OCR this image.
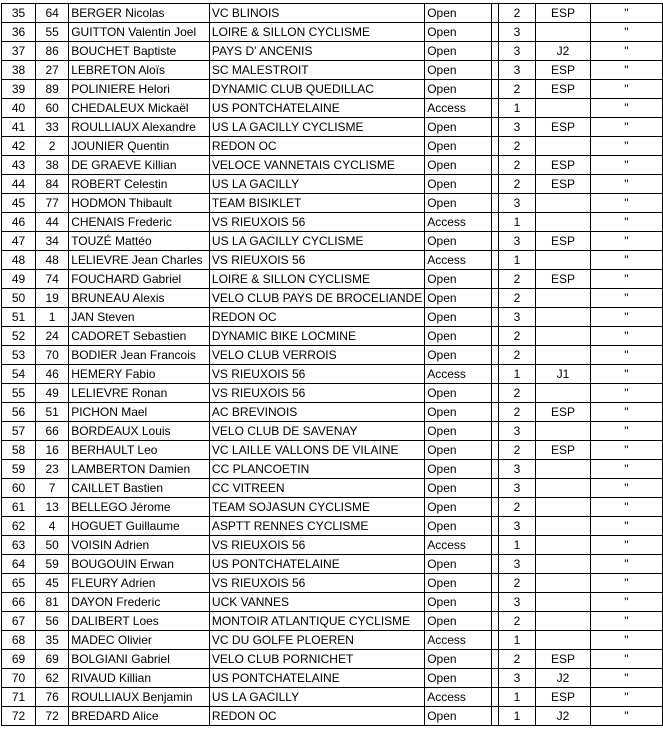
35	64	BERGER Nicolas	VC BLINOIS	Open		2	ESP	"
36	55	GUITTON Valentin Joel	LOIRE & SILLON CYCLISME	Open		3		"
37	86	BOUCHET Baptiste	PAYS D' ANCENIS	Open		3	J2	"
38	27	LEBRETON Aloïs	SC MALESTROIT	Open		3	ESP	"
39	89	POLINIERE Helori	DYNAMIC CLUB QUEDILLAC	Open		2	ESP	"
40	60	CHEDALEUX Mickaël	US PONTCHATELAINE	Access		1		"
41	33	ROULLIAUX Alexandre	US LA GACILLY CYCLISME	Open		3	ESP	"
42	2	JOUNIER Quentin	REDON OC	Open		2		"
43	38	DE GRAEVE Killian	VELOCE VANNETAIS CYCLISME	Open		2	ESP	"
44	84	ROBERT Celestin	US LA GACILLY	Open		2	ESP	"
45	77	HODMON Thibault	TEAM BISIKLET	Open		3		"
46	44	CHENAIS Frederic	VS RIEUXOIS 56	Access		1		"
47	34	TOUZÉ Mattéo	US LA GACILLY CYCLISME	Open		3	ESP	"
48	48	LELIEVRE Jean Charles	VS RIEUXOIS 56	Access		1		"
49	74	FOUCHARD Gabriel	LOIRE & SILLON CYCLISME	Open		2	ESP	"
50	19	BRUNEAU Alexis	VELO CLUB PAYS DE BROCELIANDE	Open		2		"
51	1	JAN Steven	REDON OC	Open		3		"
52	24	CADORET Sebastien	DYNAMIC BIKE LOCMINE	Open		2		"
53	70	BODIER Jean Francois	VELO CLUB VERROIS	Open		2		"
54	46	HEMERY Fabio	VS RIEUXOIS 56	Access		1	J1	"
55	49	LELIEVRE Ronan	VS RIEUXOIS 56	Open		2		"
56	51	PICHON Mael	AC BREVINOIS	Open		2	ESP	"
57	66	BORDEAUX Louis	VELO CLUB DE SAVENAY	Open		3		"
58	16	BERHAULT Leo	VC LAILLE VALLONS DE VILAINE	Open		2	ESP	"
59	23	LAMBERTON Damien	CC PLANCOETIN	Open		3		"
60	7	CAILLET Bastien	CC VITREEN	Open		3		"
61	13	BELLEGO Jérome	TEAM SOJASUN CYCLISME	Open		2		"
62	4	HOGUET Guillaume	ASPTT RENNES CYCLISME	Open		3		"
63	50	VOISIN Adrien	VS RIEUXOIS 56	Access		1		"
64	59	BOUGOUIN Erwan	US PONTCHATELAINE	Open		3		"
65	45	FLEURY Adrien	VS RIEUXOIS 56	Open		2		"
66	81	DAYON Frederic	UCK VANNES	Open		3		"
67	56	DALIBERT Loes	MONTOIR ATLANTIQUE CYCLISME	Open		2		"
68	35	MADEC Olivier	VC DU GOLFE PLOEREN	Access		1		"
69	69	BOLGIANI Gabriel	VELO CLUB PORNICHET	Open		2	ESP	"
70	62	RIVAUD Killian	US PONTCHATELAINE	Open		3	J2	"
71	76	ROULLIAUX Benjamin	US LA GACILLY	Access		1	ESP	"
72	72	BREDARD Alice	REDON OC	Open		1	J2	"
